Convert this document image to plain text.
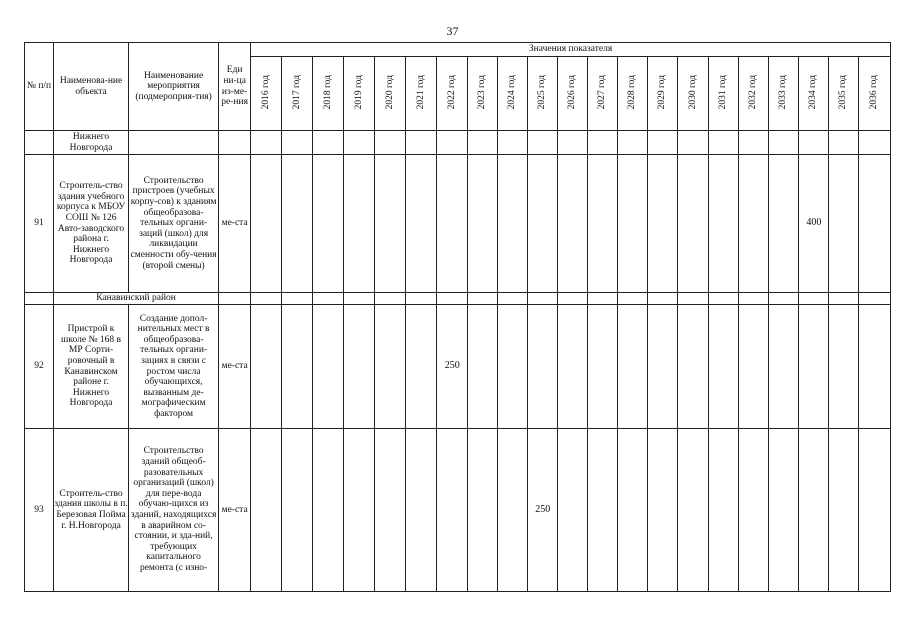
37
№ п/п	Наименова-ние объекта	Наименование мероприятия (подмероприя-тия)	Еди ни-ца из-ме-ре-ния	Значения показателя																				
				2016 год	2017 год	2018 год	2019 год	2020 год	2021 год	2022 год	2023 год	2024 год	2025 год	2026 год	2027 год	2028 год	2029 год	2030 год	2031 год	2032 год	2033 год	2034 год	2035 год	2036 год
	Нижнего Новгорода																							
91	Строитель-ство здания учебного корпуса к МБОУ СОШ № 126 Авто-заводского района г. Нижнего Новгорода	Строительство пристроев (учебных корпу-сов) к зданиям общеобразова-тельных органи-заций (школ) для ликвидации сменности обу-чения (второй смены)	ме-ста																			400		
	Канавинский район																							
92	Пристрой к школе № 168 в МР Сорти-ровочный в Канавинском районе г. Нижнего Новгорода	Создание допол-нительных мест в общеобразова-тельных органи-зациях в связи с ростом числа обучающихся, вызванным де-мографическим фактором	ме-ста							250														
93	Строитель-ство здания школы в п. Березовая Пойма г. Н.Новгорода	Строительство зданий общеоб-разовательных организаций (школ) для пере-вода обучаю-щихся из зданий, находящихся в аварийном со-стоянии, и зда-ний, требующих капитального ремонта (с изно-	ме-ста										250											
